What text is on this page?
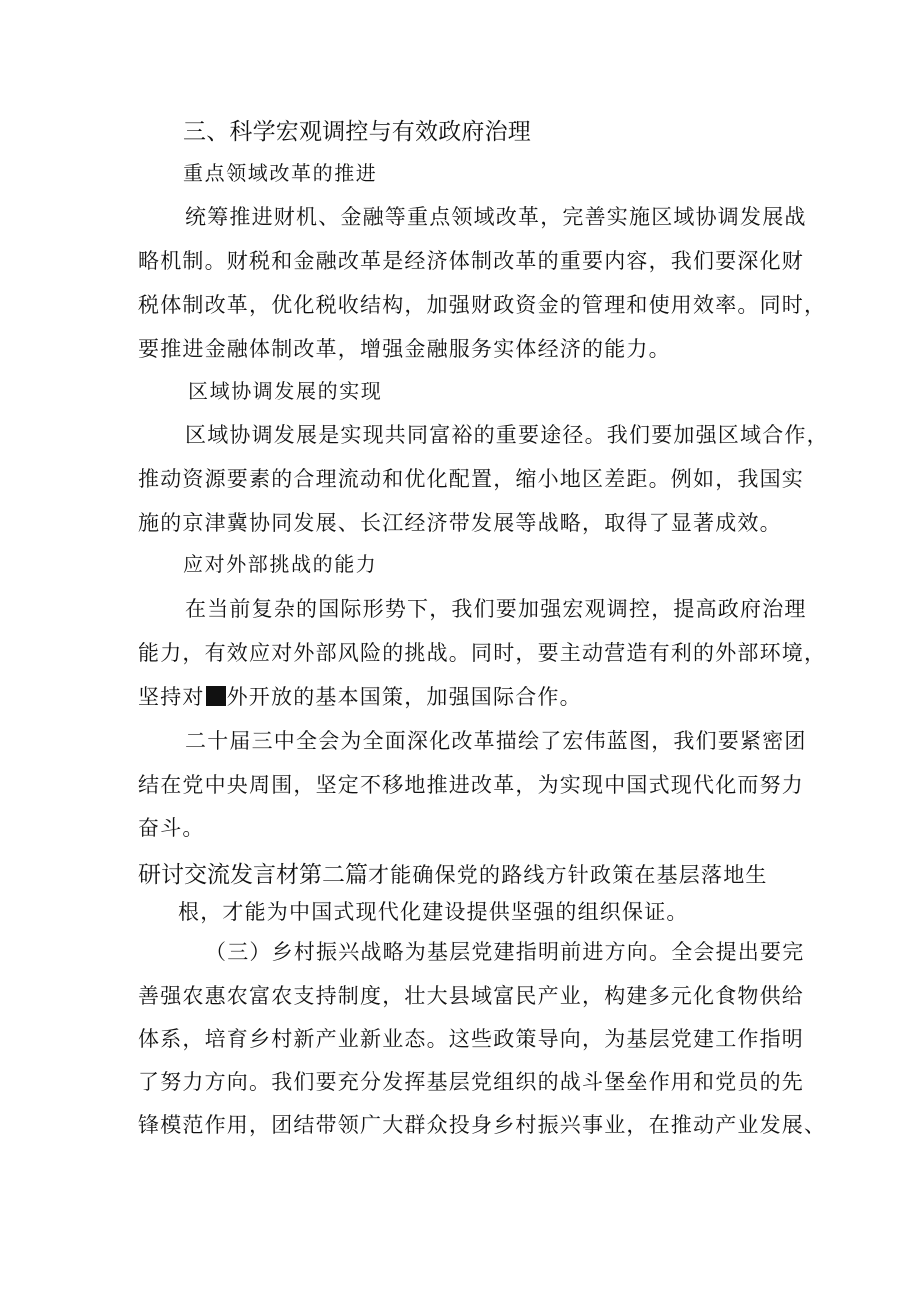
三、科学宏观调控与有效政府治理
重点领域改革的推进
统筹推进财机、金融等重点领域改革，完善实施区域协调发展战
略机制。财税和金融改革是经济体制改革的重要内容，我们要深化财
税体制改革，优化税收结构，加强财政资金的管理和使用效率。同时，
要推进金融体制改革，增强金融服务实体经济的能力。
区域协调发展的实现
区域协调发展是实现共同富裕的重要途径。我们要加强区域合作，
推动资源要素的合理流动和优化配置，缩小地区差距。例如，我国实
施的京津冀协同发展、长江经济带发展等战略，取得了显著成效。
应对外部挑战的能力
在当前复杂的国际形势下，我们要加强宏观调控，提高政府治理
能力，有效应对外部风险的挑战。同时，要主动营造有利的外部环境，
坚持对 外开放的基本国策，加强国际合作。
二十届三中全会为全面深化改革描绘了宏伟蓝图，我们要紧密团
结在党中央周围，坚定不移地推进改革，为实现中国式现代化而努力
奋斗。
研讨交流发言材第二篇才能确保党的路线方针政策在基层落地生
根，才能为中国式现代化建设提供坚强的组织保证。
（三）乡村振兴战略为基层党建指明前进方向。全会提出要完
善强农惠农富农支持制度，壮大县域富民产业，构建多元化食物供给
体系，培育乡村新产业新业态。这些政策导向，为基层党建工作指明
了努力方向。我们要充分发挥基层党组织的战斗堡垒作用和党员的先
锋模范作用，团结带领广大群众投身乡村振兴事业，在推动产业发展、
